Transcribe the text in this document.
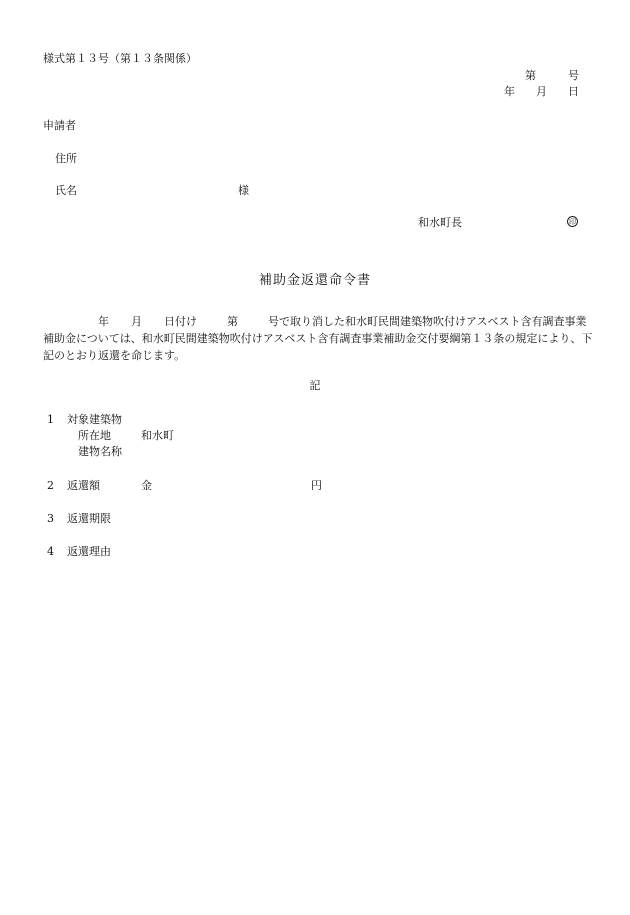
様式第１３号（第１３条関係）
第	号
年 月 日
申請者
住所
氏名	様
和水町長	印
補助金返還命令書
年 月 日付け	第	号で取り消した和水町民間建築物吹付けアスベスト含有調査事業
補助金については、和水町民間建築物吹付けアスベスト含有調査事業補助金交付要綱第１３条の規定により、下
記のとおり返還を命じます。
記
1 対象建築物
所在地	和水町
建物名称
2 返還額	金	円
3 返還期限
4 返還理由
